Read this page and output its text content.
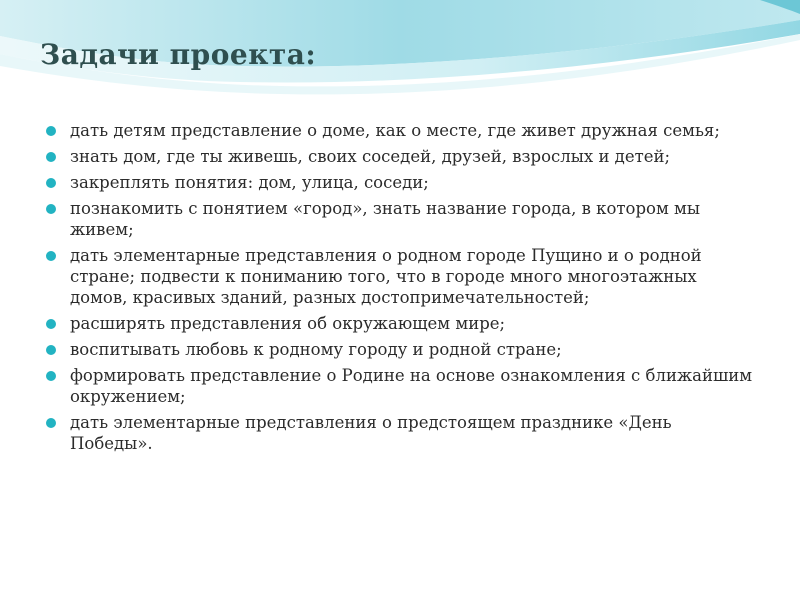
Задачи проекта:
дать детям представление о доме, как о месте, где живет дружная семья;
знать дом, где ты живешь, своих соседей, друзей, взрослых и детей;
закреплять понятия: дом, улица, соседи;
познакомить с понятием «город», знать название города, в котором мы живем;
дать элементарные представления о родном городе Пущино и о родной стране; подвести к пониманию того, что в городе много многоэтажных домов, красивых зданий, разных достопримечательностей;
расширять представления об окружающем мире;
воспитывать любовь к родному городу и родной стране;
формировать представление о Родине на основе ознакомления с ближайшим окружением;
дать элементарные представления о предстоящем празднике «День Победы».
